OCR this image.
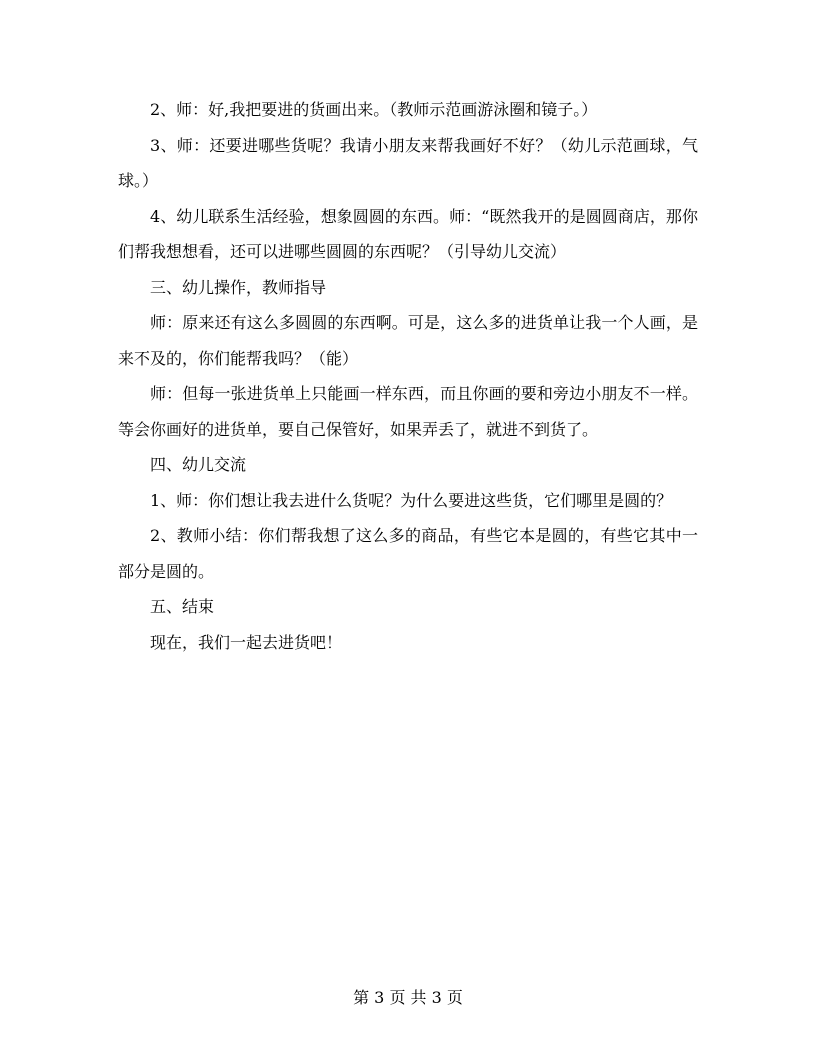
2、师：好,我把要进的货画出来。（教师示范画游泳圈和镜子。）

3、师：还要进哪些货呢？我请小朋友来帮我画好不好？（幼儿示范画球，气球。）

4、幼儿联系生活经验，想象圆圆的东西。师：“既然我开的是圆圆商店，那你们帮我想想看，还可以进哪些圆圆的东西呢？（引导幼儿交流）

三、幼儿操作，教师指导

师：原来还有这么多圆圆的东西啊。可是，这么多的进货单让我一个人画，是来不及的，你们能帮我吗？（能）

师：但每一张进货单上只能画一样东西，而且你画的要和旁边小朋友不一样。等会你画好的进货单，要自己保管好，如果弄丢了，就进不到货了。

四、幼儿交流

1、师：你们想让我去进什么货呢？为什么要进这些货，它们哪里是圆的？

2、教师小结：你们帮我想了这么多的商品，有些它本是圆的，有些它其中一部分是圆的。

五、结束

现在，我们一起去进货吧！

第 3 页 共 3 页
